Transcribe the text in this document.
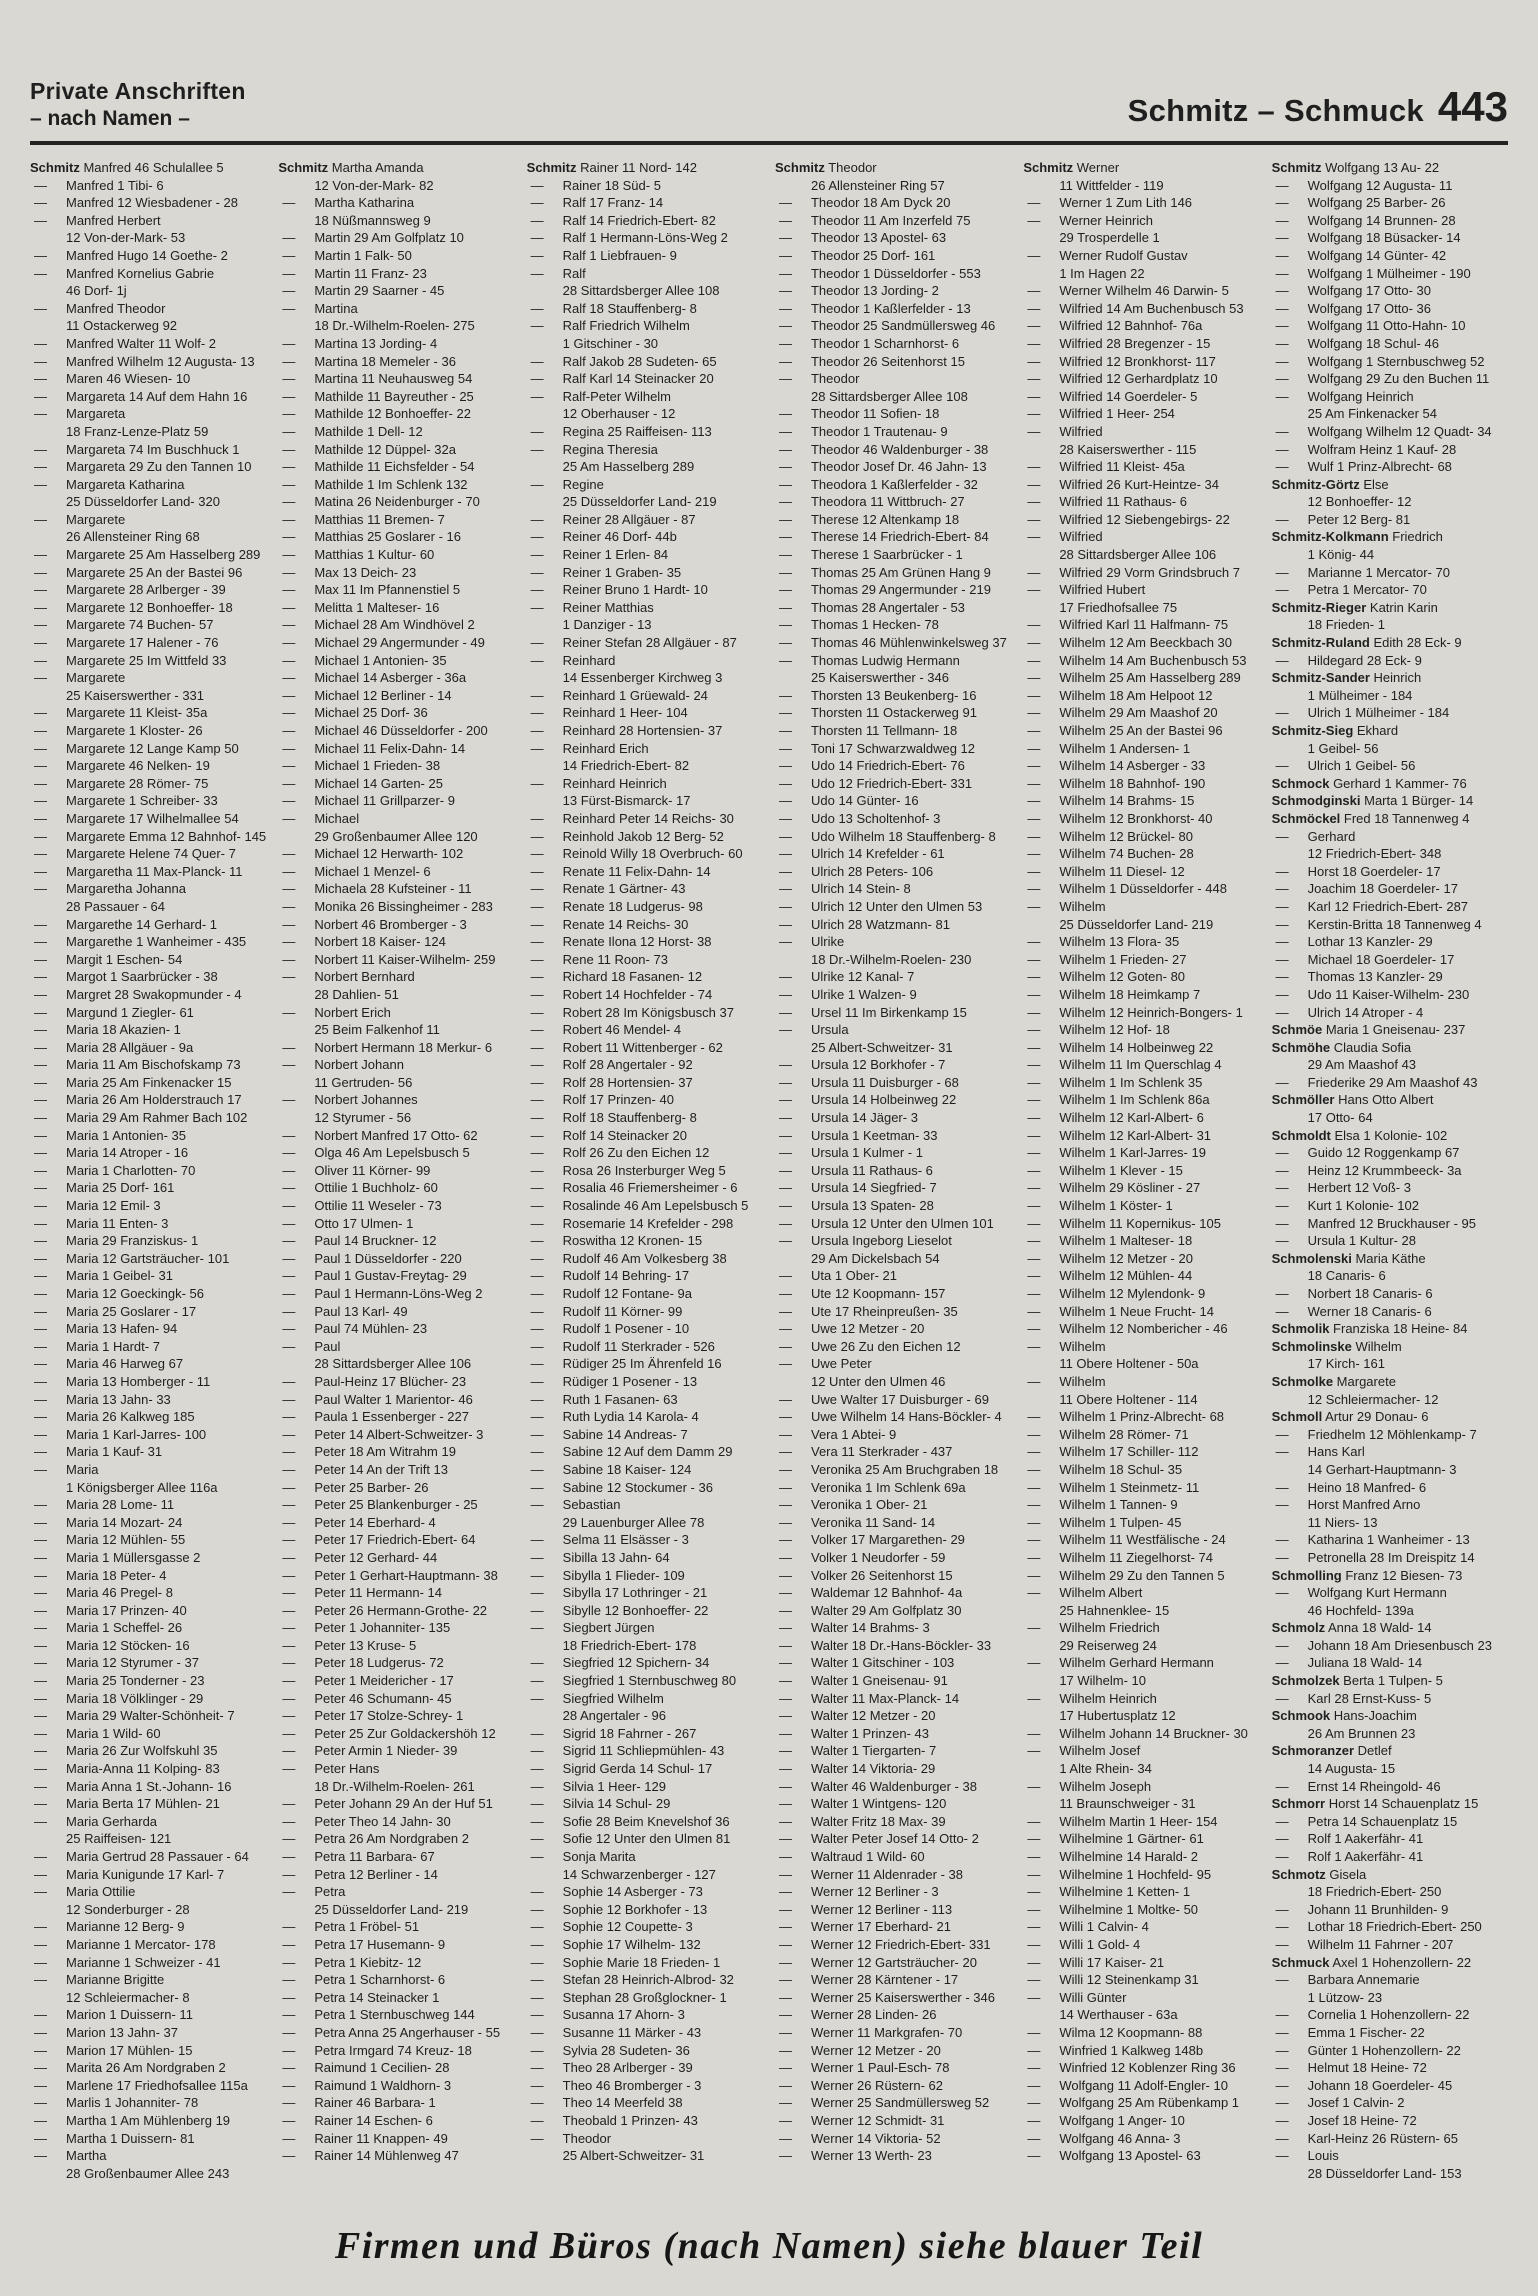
Private Anschriften
– nach Namen –	Schmitz – Schmuck 443
Schmitz Manfred 46 Schulallee 5
— Manfred 1 Tibi- 6
— Manfred 12 Wiesbadener - 28
— Manfred Herbert
12 Von-der-Mark- 53
— Manfred Hugo 14 Goethe- 2
— Manfred Kornelius Gabrie
46 Dorf- 1j
— Manfred Theodor
11 Ostackerweg 92
— Manfred Walter 11 Wolf- 2
— Manfred Wilhelm 12 Augusta- 13
— Maren 46 Wiesen- 10
— Margareta 14 Auf dem Hahn 16
— Margareta
18 Franz-Lenze-Platz 59
— Margareta 74 Im Buschhuck 1
— Margareta 29 Zu den Tannen 10
— Margareta Katharina
25 Düsseldorfer Land- 320
— Margarete
26 Allensteiner Ring 68
— Margarete 25 Am Hasselberg 289
— Margarete 25 An der Bastei 96
— Margarete 28 Arlberger - 39
— Margarete 12 Bonhoeffer- 18
— Margarete 74 Buchen- 57
— Margarete 17 Halener - 76
— Margarete 25 Im Wittfeld 33
— Margarete
25 Kaiserswerther - 331
— Margarete 11 Kleist- 35a
— Margarete 1 Kloster- 26
— Margarete 12 Lange Kamp 50
— Margarete 46 Nelken- 19
— Margarete 28 Römer- 75
— Margarete 1 Schreiber- 33
— Margarete 17 Wilhelmallee 54
— Margarete Emma 12 Bahnhof- 145
— Margarete Helene 74 Quer- 7
— Margaretha 11 Max-Planck- 11
— Margaretha Johanna
28 Passauer - 64
— Margarethe 14 Gerhard- 1
— Margarethe 1 Wanheimer - 435
— Margit 1 Eschen- 54
— Margot 1 Saarbrücker - 38
— Margret 28 Swakopmunder - 4
— Margund 1 Ziegler- 61
— Maria 18 Akazien- 1
— Maria 28 Allgäuer - 9a
— Maria 11 Am Bischofskamp 73
— Maria 25 Am Finkenacker 15
— Maria 26 Am Holderstrauch 17
— Maria 29 Am Rahmer Bach 102
— Maria 1 Antonien- 35
— Maria 14 Atroper - 16
— Maria 1 Charlotten- 70
— Maria 25 Dorf- 161
— Maria 12 Emil- 3
— Maria 11 Enten- 3
— Maria 29 Franziskus- 1
— Maria 12 Gartsträucher- 101
— Maria 1 Geibel- 31
— Maria 12 Goeckingk- 56
— Maria 25 Goslarer - 17
— Maria 13 Hafen- 94
— Maria 1 Hardt- 7
— Maria 46 Harweg 67
— Maria 13 Homberger - 11
— Maria 13 Jahn- 33
— Maria 26 Kalkweg 185
— Maria 1 Karl-Jarres- 100
— Maria 1 Kauf- 31
— Maria
1 Königsberger Allee 116a
— Maria 28 Lome- 11
— Maria 14 Mozart- 24
— Maria 12 Mühlen- 55
— Maria 1 Müllersgasse 2
— Maria 18 Peter- 4
— Maria 46 Pregel- 8
— Maria 17 Prinzen- 40
— Maria 1 Scheffel- 26
— Maria 12 Stöcken- 16
— Maria 12 Styrumer - 37
— Maria 25 Tonderner - 23
— Maria 18 Völklinger - 29
— Maria 29 Walter-Schönheit- 7
— Maria 1 Wild- 60
— Maria 26 Zur Wolfskuhl 35
— Maria-Anna 11 Kolping- 83
— Maria Anna 1 St.-Johann- 16
— Maria Berta 17 Mühlen- 21
— Maria Gerharda
25 Raiffeisen- 121
— Maria Gertrud 28 Passauer - 64
— Maria Kunigunde 17 Karl- 7
— Maria Ottilie
12 Sonderburger - 28
— Marianne 12 Berg- 9
— Marianne 1 Mercator- 178
— Marianne 1 Schweizer - 41
— Marianne Brigitte
12 Schleiermacher- 8
— Marion 1 Duissern- 11
— Marion 13 Jahn- 37
— Marion 17 Mühlen- 15
— Marita 26 Am Nordgraben 2
— Marlene 17 Friedhofsallee 115a
— Marlis 1 Johanniter- 78
— Martha 1 Am Mühlenberg 19
— Martha 1 Duissern- 81
— Martha
28 Großenbaumer Allee 243
Schmitz Martha Amanda
12 Von-der-Mark- 82
— Martha Katharina
18 Nüßmannsweg 9
— Martin 29 Am Golfplatz 10
— Martin 1 Falk- 50
— Martin 11 Franz- 23
— Martin 29 Saarner - 45
— Martina
18 Dr.-Wilhelm-Roelen- 275
— Martina 13 Jording- 4
— Martina 18 Memeler - 36
— Martina 11 Neuhausweg 54
— Mathilde 11 Bayreuther - 25
— Mathilde 12 Bonhoeffer- 22
— Mathilde 1 Dell- 12
— Mathilde 12 Düppel- 32a
— Mathilde 11 Eichsfelder - 54
— Mathilde 1 Im Schlenk 132
— Matina 26 Neidenburger - 70
— Matthias 11 Bremen- 7
— Matthias 25 Goslarer - 16
— Matthias 1 Kultur- 60
— Max 13 Deich- 23
— Max 11 Im Pfannenstiel 5
— Melitta 1 Malteser- 16
— Michael 28 Am Windhövel 2
— Michael 29 Angermunder - 49
— Michael 1 Antonien- 35
— Michael 14 Asberger - 36a
— Michael 12 Berliner - 14
— Michael 25 Dorf- 36
— Michael 46 Düsseldorfer - 200
— Michael 11 Felix-Dahn- 14
— Michael 1 Frieden- 38
— Michael 14 Garten- 25
— Michael 11 Grillparzer- 9
— Michael
29 Großenbaumer Allee 120
— Michael 12 Herwarth- 102
— Michael 1 Menzel- 6
— Michaela 28 Kufsteiner - 11
— Monika 26 Bissingheimer - 283
— Norbert 46 Bromberger - 3
— Norbert 18 Kaiser- 124
— Norbert 11 Kaiser-Wilhelm- 259
— Norbert Bernhard
28 Dahlien- 51
— Norbert Erich
25 Beim Falkenhof 11
— Norbert Hermann 18 Merkur- 6
— Norbert Johann
11 Gertruden- 56
— Norbert Johannes
12 Styrumer - 56
— Norbert Manfred 17 Otto- 62
— Olga 46 Am Lepelsbusch 5
— Oliver 11 Körner- 99
— Ottilie 1 Buchholz- 60
— Ottilie 11 Weseler - 73
— Otto 17 Ulmen- 1
— Paul 14 Bruckner- 12
— Paul 1 Düsseldorfer - 220
— Paul 1 Gustav-Freytag- 29
— Paul 1 Hermann-Löns-Weg 2
— Paul 13 Karl- 49
— Paul 74 Mühlen- 23
— Paul
28 Sittardsberger Allee 106
— Paul-Heinz 17 Blücher- 23
— Paul Walter 1 Marientor- 46
— Paula 1 Essenberger - 227
— Peter 14 Albert-Schweitzer- 3
— Peter 18 Am Witrahm 19
— Peter 14 An der Trift 13
— Peter 25 Barber- 26
— Peter 25 Blankenburger - 25
— Peter 14 Eberhard- 4
— Peter 17 Friedrich-Ebert- 64
— Peter 12 Gerhard- 44
— Peter 1 Gerhart-Hauptmann- 38
— Peter 11 Hermann- 14
— Peter 26 Hermann-Grothe- 22
— Peter 1 Johanniter- 135
— Peter 13 Kruse- 5
— Peter 18 Ludgerus- 72
— Peter 1 Meidericher - 17
— Peter 46 Schumann- 45
— Peter 17 Stolze-Schrey- 1
— Peter 25 Zur Goldackershöh 12
— Peter Armin 1 Nieder- 39
— Peter Hans
18 Dr.-Wilhelm-Roelen- 261
— Peter Johann 29 An der Huf 51
— Peter Theo 14 Jahn- 30
— Petra 26 Am Nordgraben 2
— Petra 11 Barbara- 67
— Petra 12 Berliner - 14
— Petra
25 Düsseldorfer Land- 219
— Petra 1 Fröbel- 51
— Petra 17 Husemann- 9
— Petra 1 Kiebitz- 12
— Petra 1 Scharnhorst- 6
— Petra 14 Steinacker 1
— Petra 1 Sternbuschweg 144
— Petra Anna 25 Angerhauser - 55
— Petra Irmgard 74 Kreuz- 18
— Raimund 1 Cecilien- 28
— Raimund 1 Waldhorn- 3
— Rainer 46 Barbara- 1
— Rainer 14 Eschen- 6
— Rainer 11 Knappen- 49
— Rainer 14 Mühlenweg 47
Schmitz Rainer 11 Nord- 142
— Rainer 18 Süd- 5
— Ralf 17 Franz- 14
— Ralf 14 Friedrich-Ebert- 82
— Ralf 1 Hermann-Löns-Weg 2
— Ralf 1 Liebfrauen- 9
— Ralf
28 Sittardsberger Allee 108
— Ralf 18 Stauffenberg- 8
— Ralf Friedrich Wilhelm
1 Gitschiner - 30
— Ralf Jakob 28 Sudeten- 65
— Ralf Karl 14 Steinacker 20
— Ralf-Peter Wilhelm
12 Oberhauser - 12
— Regina 25 Raiffeisen- 113
— Regina Theresia
25 Am Hasselberg 289
— Regine
25 Düsseldorfer Land- 219
— Reiner 28 Allgäuer - 87
— Reiner 46 Dorf- 44b
— Reiner 1 Erlen- 84
— Reiner 1 Graben- 35
— Reiner Bruno 1 Hardt- 10
— Reiner Matthias
1 Danziger - 13
— Reiner Stefan 28 Allgäuer - 87
— Reinhard
14 Essenberger Kirchweg 3
— Reinhard 1 Grüewald- 24
— Reinhard 1 Heer- 104
— Reinhard 28 Hortensien- 37
— Reinhard Erich
14 Friedrich-Ebert- 82
— Reinhard Heinrich
13 Fürst-Bismarck- 17
— Reinhard Peter 14 Reichs- 30
— Reinhold Jakob 12 Berg- 52
— Reinold Willy 18 Overbruch- 60
— Renate 11 Felix-Dahn- 14
— Renate 1 Gärtner- 43
— Renate 18 Ludgerus- 98
— Renate 14 Reichs- 30
— Renate Ilona 12 Horst- 38
— Rene 11 Roon- 73
— Richard 18 Fasanen- 12
— Robert 14 Hochfelder - 74
— Robert 28 Im Königsbusch 37
— Robert 46 Mendel- 4
— Robert 11 Wittenberger - 62
— Rolf 28 Angertaler - 92
— Rolf 28 Hortensien- 37
— Rolf 17 Prinzen- 40
— Rolf 18 Stauffenberg- 8
— Rolf 14 Steinacker 20
— Rolf 26 Zu den Eichen 12
— Rosa 26 Insterburger Weg 5
— Rosalia 46 Friemersheimer - 6
— Rosalinde 46 Am Lepelsbusch 5
— Rosemarie 14 Krefelder - 298
— Roswitha 12 Kronen- 15
— Rudolf 46 Am Volkesberg 38
— Rudolf 14 Behring- 17
— Rudolf 12 Fontane- 9a
— Rudolf 11 Körner- 99
— Rudolf 1 Posener - 10
— Rudolf 11 Sterkrader - 526
— Rüdiger 25 Im Ährenfeld 16
— Rüdiger 1 Posener - 13
— Ruth 1 Fasanen- 63
— Ruth Lydia 14 Karola- 4
— Sabine 14 Andreas- 7
— Sabine 12 Auf dem Damm 29
— Sabine 18 Kaiser- 124
— Sabine 12 Stockumer - 36
— Sebastian
29 Lauenburger Allee 78
— Selma 11 Elsässer - 3
— Sibilla 13 Jahn- 64
— Sibylla 1 Flieder- 109
— Sibylla 17 Lothringer - 21
— Sibylle 12 Bonhoeffer- 22
— Siegbert Jürgen
18 Friedrich-Ebert- 178
— Siegfried 12 Spichern- 34
— Siegfried 1 Sternbuschweg 80
— Siegfried Wilhelm
28 Angertaler - 96
— Sigrid 18 Fahrner - 267
— Sigrid 11 Schliepmühlen- 43
— Sigrid Gerda 14 Schul- 17
— Silvia 1 Heer- 129
— Silvia 14 Schul- 29
— Sofie 28 Beim Knevelshof 36
— Sofie 12 Unter den Ulmen 81
— Sonja Marita
14 Schwarzenberger - 127
— Sophie 14 Asberger - 73
— Sophie 12 Borkhofer - 13
— Sophie 12 Coupette- 3
— Sophie 17 Wilhelm- 132
— Sophie Marie 18 Frieden- 1
— Stefan 28 Heinrich-Albrod- 32
— Stephan 28 Großglockner- 1
— Susanna 17 Ahorn- 3
— Susanne 11 Märker - 43
— Sylvia 28 Sudeten- 36
— Theo 28 Arlberger - 39
— Theo 46 Bromberger - 3
— Theo 14 Meerfeld 38
— Theobald 1 Prinzen- 43
— Theodor
25 Albert-Schweitzer- 31
Schmitz Theodor
26 Allensteiner Ring 57
— Theodor 18 Am Dyck 20
— Theodor 11 Am Inzerfeld 75
— Theodor 13 Apostel- 63
— Theodor 25 Dorf- 161
— Theodor 1 Düsseldorfer - 553
— Theodor 13 Jording- 2
— Theodor 1 Kaßlerfelder - 13
— Theodor 25 Sandmüllersweg 46
— Theodor 1 Scharnhorst- 6
— Theodor 26 Seitenhorst 15
— Theodor
28 Sittardsberger Allee 108
— Theodor 11 Sofien- 18
— Theodor 1 Trautenau- 9
— Theodor 46 Waldenburger - 38
— Theodor Josef Dr. 46 Jahn- 13
— Theodora 1 Kaßlerfelder - 32
— Theodora 11 Wittbruch- 27
— Therese 12 Altenkamp 18
— Therese 14 Friedrich-Ebert- 84
— Therese 1 Saarbrücker - 1
— Thomas 25 Am Grünen Hang 9
— Thomas 29 Angermunder - 219
— Thomas 28 Angertaler - 53
— Thomas 1 Hecken- 78
— Thomas 46 Mühlenwinkelsweg 37
— Thomas Ludwig Hermann
25 Kaiserswerther - 346
— Thorsten 13 Beukenberg- 16
— Thorsten 11 Ostackerweg 91
— Thorsten 11 Tellmann- 18
— Toni 17 Schwarzwaldweg 12
— Udo 14 Friedrich-Ebert- 76
— Udo 12 Friedrich-Ebert- 331
— Udo 14 Günter- 16
— Udo 13 Scholtenhof- 3
— Udo Wilhelm 18 Stauffenberg- 8
— Ulrich 14 Krefelder - 61
— Ulrich 28 Peters- 106
— Ulrich 14 Stein- 8
— Ulrich 12 Unter den Ulmen 53
— Ulrich 28 Watzmann- 81
— Ulrike
18 Dr.-Wilhelm-Roelen- 230
— Ulrike 12 Kanal- 7
— Ulrike 1 Walzen- 9
— Ursel 11 Im Birkenkamp 15
— Ursula
25 Albert-Schweitzer- 31
— Ursula 12 Borkhofer - 7
— Ursula 11 Duisburger - 68
— Ursula 14 Holbeinweg 22
— Ursula 14 Jäger- 3
— Ursula 1 Keetman- 33
— Ursula 1 Kulmer - 1
— Ursula 11 Rathaus- 6
— Ursula 14 Siegfried- 7
— Ursula 13 Spaten- 28
— Ursula 12 Unter den Ulmen 101
— Ursula Ingeborg Lieselot
29 Am Dickelsbach 54
— Uta 1 Ober- 21
— Ute 12 Koopmann- 157
— Ute 17 Rheinpreußen- 35
— Uwe 12 Metzer - 20
— Uwe 26 Zu den Eichen 12
— Uwe Peter
12 Unter den Ulmen 46
— Uwe Walter 17 Duisburger - 69
— Uwe Wilhelm 14 Hans-Böckler- 4
— Vera 1 Abtei- 9
— Vera 11 Sterkrader - 437
— Veronika 25 Am Bruchgraben 18
— Veronika 1 Im Schlenk 69a
— Veronika 1 Ober- 21
— Veronika 11 Sand- 14
— Volker 17 Margarethen- 29
— Volker 1 Neudorfer - 59
— Volker 26 Seitenhorst 15
— Waldemar 12 Bahnhof- 4a
— Walter 29 Am Golfplatz 30
— Walter 14 Brahms- 3
— Walter 18 Dr.-Hans-Böckler- 33
— Walter 1 Gitschiner - 103
— Walter 1 Gneisenau- 91
— Walter 11 Max-Planck- 14
— Walter 12 Metzer - 20
— Walter 1 Prinzen- 43
— Walter 1 Tiergarten- 7
— Walter 14 Viktoria- 29
— Walter 46 Waldenburger - 38
— Walter 1 Wintgens- 120
— Walter Fritz 18 Max- 39
— Walter Peter Josef 14 Otto- 2
— Waltraud 1 Wild- 60
— Werner 11 Aldenrader - 38
— Werner 12 Berliner - 3
— Werner 12 Berliner - 113
— Werner 17 Eberhard- 21
— Werner 12 Friedrich-Ebert- 331
— Werner 12 Gartsträucher- 20
— Werner 28 Kärntener - 17
— Werner 25 Kaiserswerther - 346
— Werner 28 Linden- 26
— Werner 11 Markgrafen- 70
— Werner 12 Metzer - 20
— Werner 1 Paul-Esch- 78
— Werner 26 Rüstern- 62
— Werner 25 Sandmüllersweg 52
— Werner 12 Schmidt- 31
— Werner 14 Viktoria- 52
— Werner 13 Werth- 23
Schmitz Werner
11 Wittfelder - 119
— Werner 1 Zum Lith 146
— Werner Heinrich
29 Trosperdelle 1
— Werner Rudolf Gustav
1 Im Hagen 22
— Werner Wilhelm 46 Darwin- 5
— Wilfried 14 Am Buchenbusch 53
— Wilfried 12 Bahnhof- 76a
— Wilfried 28 Bregenzer - 15
— Wilfried 12 Bronkhorst- 117
— Wilfried 12 Gerhardplatz 10
— Wilfried 14 Goerdeler- 5
— Wilfried 1 Heer- 254
— Wilfried
28 Kaiserswerther - 115
— Wilfried 11 Kleist- 45a
— Wilfried 26 Kurt-Heintze- 34
— Wilfried 11 Rathaus- 6
— Wilfried 12 Siebengebirgs- 22
— Wilfried
28 Sittardsberger Allee 106
— Wilfried 29 Vorm Grindsbruch 7
— Wilfried Hubert
17 Friedhofsallee 75
— Wilfried Karl 11 Halfmann- 75
— Wilhelm 12 Am Beeckbach 30
— Wilhelm 14 Am Buchenbusch 53
— Wilhelm 25 Am Hasselberg 289
— Wilhelm 18 Am Helpoot 12
— Wilhelm 29 Am Maashof 20
— Wilhelm 25 An der Bastei 96
— Wilhelm 1 Andersen- 1
— Wilhelm 14 Asberger - 33
— Wilhelm 18 Bahnhof- 190
— Wilhelm 14 Brahms- 15
— Wilhelm 12 Bronkhorst- 40
— Wilhelm 12 Brückel- 80
— Wilhelm 74 Buchen- 28
— Wilhelm 11 Diesel- 12
— Wilhelm 1 Düsseldorfer - 448
— Wilhelm
25 Düsseldorfer Land- 219
— Wilhelm 13 Flora- 35
— Wilhelm 1 Frieden- 27
— Wilhelm 12 Goten- 80
— Wilhelm 18 Heimkamp 7
— Wilhelm 12 Heinrich-Bongers- 1
— Wilhelm 12 Hof- 18
— Wilhelm 14 Holbeinweg 22
— Wilhelm 11 Im Querschlag 4
— Wilhelm 1 Im Schlenk 35
— Wilhelm 1 Im Schlenk 86a
— Wilhelm 12 Karl-Albert- 6
— Wilhelm 12 Karl-Albert- 31
— Wilhelm 1 Karl-Jarres- 19
— Wilhelm 1 Klever - 15
— Wilhelm 29 Kösliner - 27
— Wilhelm 1 Köster- 1
— Wilhelm 11 Kopernikus- 105
— Wilhelm 1 Malteser- 18
— Wilhelm 12 Metzer - 20
— Wilhelm 12 Mühlen- 44
— Wilhelm 12 Mylendonk- 9
— Wilhelm 1 Neue Frucht- 14
— Wilhelm 12 Nombericher - 46
— Wilhelm
11 Obere Holtener - 50a
— Wilhelm
11 Obere Holtener - 114
— Wilhelm 1 Prinz-Albrecht- 68
— Wilhelm 28 Römer- 71
— Wilhelm 17 Schiller- 112
— Wilhelm 18 Schul- 35
— Wilhelm 1 Steinmetz- 11
— Wilhelm 1 Tannen- 9
— Wilhelm 1 Tulpen- 45
— Wilhelm 11 Westfälische - 24
— Wilhelm 11 Ziegelhorst- 74
— Wilhelm 29 Zu den Tannen 5
— Wilhelm Albert
25 Hahnenklee- 15
— Wilhelm Friedrich
29 Reiserweg 24
— Wilhelm Gerhard Hermann
17 Wilhelm- 10
— Wilhelm Heinrich
17 Hubertusplatz 12
— Wilhelm Johann 14 Bruckner- 30
— Wilhelm Josef
1 Alte Rhein- 34
— Wilhelm Joseph
11 Braunschweiger - 31
— Wilhelm Martin 1 Heer- 154
— Wilhelmine 1 Gärtner- 61
— Wilhelmine 14 Harald- 2
— Wilhelmine 1 Hochfeld- 95
— Wilhelmine 1 Ketten- 1
— Wilhelmine 1 Moltke- 50
— Willi 1 Calvin- 4
— Willi 1 Gold- 4
— Willi 17 Kaiser- 21
— Willi 12 Steinenkamp 31
— Willi Günter
14 Werthauser - 63a
— Wilma 12 Koopmann- 88
— Winfried 1 Kalkweg 148b
— Winfried 12 Koblenzer Ring 36
— Wolfgang 11 Adolf-Engler- 10
— Wolfgang 25 Am Rübenkamp 1
— Wolfgang 1 Anger- 10
— Wolfgang 46 Anna- 3
— Wolfgang 13 Apostel- 63
Schmitz Wolfgang 13 Au- 22
— Wolfgang 12 Augusta- 11
— Wolfgang 25 Barber- 26
— Wolfgang 14 Brunnen- 28
— Wolfgang 18 Büsacker- 14
— Wolfgang 14 Günter- 42
— Wolfgang 1 Mülheimer - 190
— Wolfgang 17 Otto- 30
— Wolfgang 17 Otto- 36
— Wolfgang 11 Otto-Hahn- 10
— Wolfgang 18 Schul- 46
— Wolfgang 1 Sternbuschweg 52
— Wolfgang 29 Zu den Buchen 11
— Wolfgang Heinrich
25 Am Finkenacker 54
— Wolfgang Wilhelm 12 Quadt- 34
— Wolfram Heinz 1 Kauf- 28
— Wulf 1 Prinz-Albrecht- 68
Schmitz-Görtz Else
12 Bonhoeffer- 12
— Peter 12 Berg- 81
Schmitz-Kolkmann Friedrich
1 König- 44
— Marianne 1 Mercator- 70
— Petra 1 Mercator- 70
Schmitz-Rieger Katrin Karin
18 Frieden- 1
Schmitz-Ruland Edith 28 Eck- 9
— Hildegard 28 Eck- 9
Schmitz-Sander Heinrich
1 Mülheimer - 184
— Ulrich 1 Mülheimer - 184
Schmitz-Sieg Ekhard
1 Geibel- 56
— Ulrich 1 Geibel- 56
Schmock Gerhard 1 Kammer- 76
Schmodginski Marta 1 Bürger- 14
Schmöckel Fred 18 Tannenweg 4
— Gerhard
12 Friedrich-Ebert- 348
— Horst 18 Goerdeler- 17
— Joachim 18 Goerdeler- 17
— Karl 12 Friedrich-Ebert- 287
— Kerstin-Britta 18 Tannenweg 4
— Lothar 13 Kanzler- 29
— Michael 18 Goerdeler- 17
— Thomas 13 Kanzler- 29
— Udo 11 Kaiser-Wilhelm- 230
— Ulrich 14 Atroper - 4
Schmöe Maria 1 Gneisenau- 237
Schmöhe Claudia Sofia
29 Am Maashof 43
— Friederike 29 Am Maashof 43
Schmöller Hans Otto Albert
17 Otto- 64
Schmoldt Elsa 1 Kolonie- 102
— Guido 12 Roggenkamp 67
— Heinz 12 Krummbeeck- 3a
— Herbert 12 Voß- 3
— Kurt 1 Kolonie- 102
— Manfred 12 Bruckhauser - 95
— Ursula 1 Kultur- 28
Schmolenski Maria Käthe
18 Canaris- 6
— Norbert 18 Canaris- 6
— Werner 18 Canaris- 6
Schmolik Franziska 18 Heine- 84
Schmolinske Wilhelm
17 Kirch- 161
Schmolke Margarete
12 Schleiermacher- 12
Schmoll Artur 29 Donau- 6
— Friedhelm 12 Möhlenkamp- 7
— Hans Karl
14 Gerhart-Hauptmann- 3
— Heino 18 Manfred- 6
— Horst Manfred Arno
11 Niers- 13
— Katharina 1 Wanheimer - 13
— Petronella 28 Im Dreispitz 14
Schmolling Franz 12 Biesen- 73
— Wolfgang Kurt Hermann
46 Hochfeld- 139a
Schmolz Anna 18 Wald- 14
— Johann 18 Am Driesenbusch 23
— Juliana 18 Wald- 14
Schmolzek Berta 1 Tulpen- 5
— Karl 28 Ernst-Kuss- 5
Schmook Hans-Joachim
26 Am Brunnen 23
Schmoranzer Detlef
14 Augusta- 15
— Ernst 14 Rheingold- 46
Schmorr Horst 14 Schauenplatz 15
— Petra 14 Schauenplatz 15
— Rolf 1 Aakerfähr- 41
— Rolf 1 Aakerfähr- 41
Schmotz Gisela
18 Friedrich-Ebert- 250
— Johann 11 Brunhilden- 9
— Lothar 18 Friedrich-Ebert- 250
— Wilhelm 11 Fahrner - 207
Schmuck Axel 1 Hohenzollern- 22
— Barbara Annemarie
1 Lützow- 23
— Cornelia 1 Hohenzollern- 22
— Emma 1 Fischer- 22
— Günter 1 Hohenzollern- 22
— Helmut 18 Heine- 72
— Johann 18 Goerdeler- 45
— Josef 1 Calvin- 2
— Josef 18 Heine- 72
— Karl-Heinz 26 Rüstern- 65
— Louis
28 Düsseldorfer Land- 153
Firmen und Büros (nach Namen) siehe blauer Teil
